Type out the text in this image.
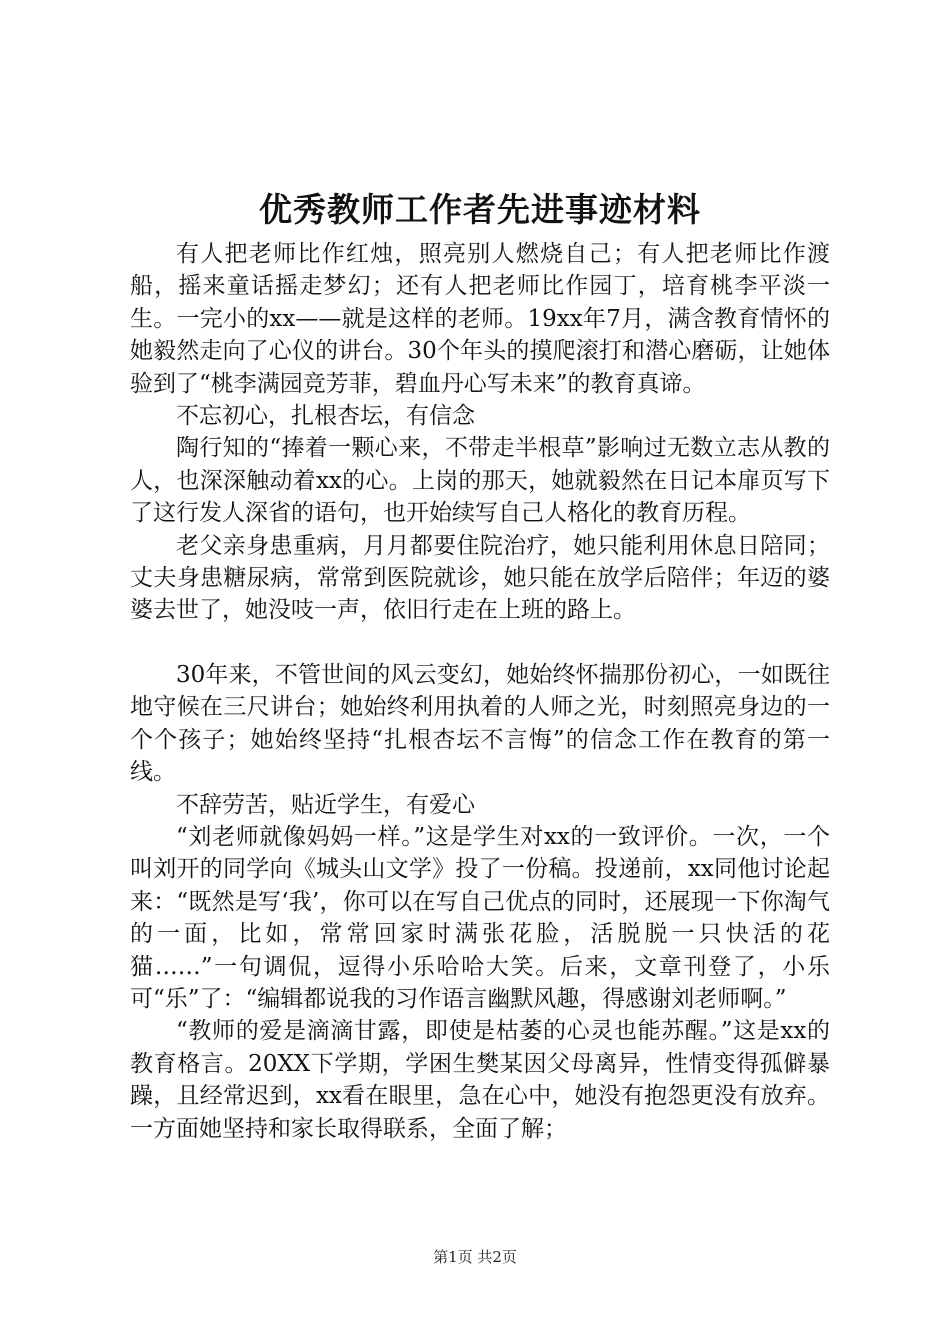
优秀教师工作者先进事迹材料

有人把老师比作红烛，照亮别人燃烧自己；有人把老师比作渡船，摇来童话摇走梦幻；还有人把老师比作园丁，培育桃李平淡一生。一完小的xx——就是这样的老师。19xx年7月，满含教育情怀的她毅然走向了心仪的讲台。30个年头的摸爬滚打和潜心磨砺，让她体验到了“桃李满园竞芳菲，碧血丹心写未来”的教育真谛。

不忘初心，扎根杏坛，有信念

陶行知的“捧着一颗心来，不带走半根草”影响过无数立志从教的人，也深深触动着xx的心。上岗的那天，她就毅然在日记本扉页写下了这行发人深省的语句，也开始续写自己人格化的教育历程。

老父亲身患重病，月月都要住院治疗，她只能利用休息日陪同；丈夫身患糖尿病，常常到医院就诊，她只能在放学后陪伴；年迈的婆婆去世了，她没吱一声，依旧行走在上班的路上。

30年来，不管世间的风云变幻，她始终怀揣那份初心，一如既往地守候在三尺讲台；她始终利用执着的人师之光，时刻照亮身边的一个个孩子；她始终坚持“扎根杏坛不言悔”的信念工作在教育的第一线。

不辞劳苦，贴近学生，有爱心

“刘老师就像妈妈一样。”这是学生对xx的一致评价。一次，一个叫刘开的同学向《城头山文学》投了一份稿。投递前，xx同他讨论起来：“既然是写‘我’，你可以在写自己优点的同时，还展现一下你淘气的一面，比如，常常回家时满张花脸，活脱脱一只快活的花猫……”一句调侃，逗得小乐哈哈大笑。后来，文章刊登了，小乐可“乐”了：“编辑都说我的习作语言幽默风趣，得感谢刘老师啊。”

“教师的爱是滴滴甘露，即使是枯萎的心灵也能苏醒。”这是xx的教育格言。20XX下学期，学困生樊某因父母离异，性情变得孤僻暴躁，且经常迟到，xx看在眼里，急在心中，她没有抱怨更没有放弃。一方面她坚持和家长取得联系，全面了解；

第1页 共2页
